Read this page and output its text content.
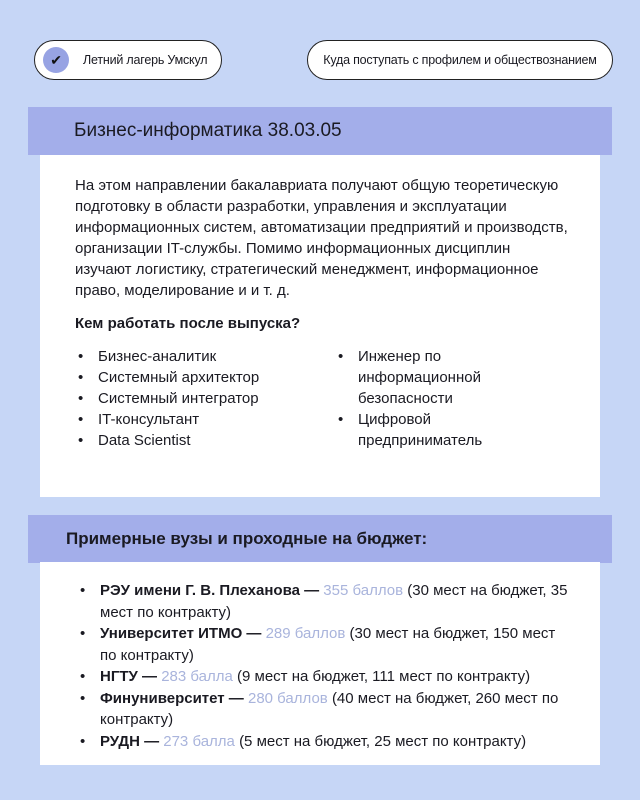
✔	Летний лагерь Умскул	Куда поступать с профилем и обществознанием
Бизнес-информатика 38.03.05

На этом направлении бакалавриата получают общую теоретическую подготовку в области разработки, управления и эксплуатации информационных систем, автоматизации предприятий и производств, организации IT-службы. Помимо информационных дисциплин изучают логистику, стратегический менеджмент, информационное право, моделирование и и т. д.

Кем работать после выпуска?

• Бизнес-аналитик
• Системный архитектор
• Системный интегратор
• IT-консультант
• Data Scientist
• Инженер по информационной безопасности
• Цифровой предприниматель
Примерные вузы и проходные на бюджет:
• РЭУ имени Г. В. Плеханова — 355 баллов (30 мест на бюджет, 35 мест по контракту)
• Университет ИТМО — 289 баллов (30 мест на бюджет, 150 мест по контракту)
• НГТУ — 283 балла (9 мест на бюджет, 111 мест по контракту)
• Финуниверситет — 280 баллов (40 мест на бюджет, 260 мест по контракту)
• РУДН — 273 балла (5 мест на бюджет, 25 мест по контракту)
